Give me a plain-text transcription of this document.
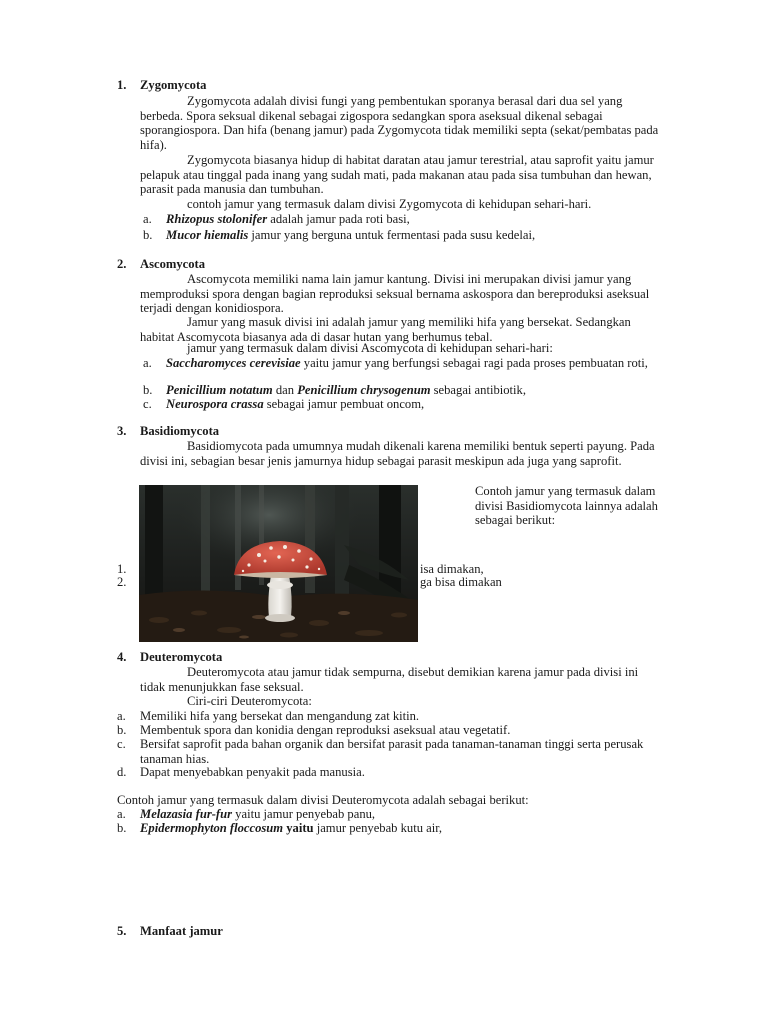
1. Zygomycota
Zygomycota adalah divisi fungi yang pembentukan sporanya berasal dari dua sel yang berbeda. Spora seksual dikenal sebagai zigospora sedangkan spora aseksual dikenal sebagai sporangiospora. Dan hifa (benang jamur) pada Zygomycota tidak memiliki septa (sekat/pembatas pada hifa).
Zygomycota biasanya hidup di habitat daratan atau jamur terestrial, atau saprofit yaitu jamur pelapuk atau tinggal pada inang yang sudah mati, pada makanan atau pada sisa tumbuhan dan hewan, parasit pada manusia dan tumbuhan.
contoh jamur yang termasuk dalam divisi Zygomycota di kehidupan sehari-hari.
a. Rhizopus stolonifer adalah jamur pada roti basi,
b. Mucor hiemalis jamur yang berguna untuk fermentasi pada susu kedelai,
2. Ascomycota
Ascomycota memiliki nama lain jamur kantung. Divisi ini merupakan divisi jamur yang memproduksi spora dengan bagian reproduksi seksual bernama askospora dan bereproduksi aseksual terjadi dengan konidiospora.
Jamur yang masuk divisi ini adalah jamur yang memiliki hifa yang bersekat. Sedangkan habitat Ascomycota biasanya ada di dasar hutan yang berhumus tebal.
jamur yang termasuk dalam divisi Ascomycota di kehidupan sehari-hari:
a. Saccharomyces cerevisiae yaitu jamur yang berfungsi sebagai ragi pada proses pembuatan roti,
b. Penicillium notatum dan Penicillium chrysogenum sebagai antibiotik,
c. Neurospora crassa sebagai jamur pembuat oncom,
3. Basidiomycota
Basidiomycota pada umumnya mudah dikenali karena memiliki bentuk seperti payung. Pada divisi ini, sebagian besar jenis jamurnya hidup sebagai parasit meskipun ada juga yang saprofit.
1.	isa dimakan,
2.	ga bisa dimakan
Contoh jamur yang termasuk dalam divisi Basidiomycota lainnya adalah sebagai berikut:
4. Deuteromycota
Deuteromycota atau jamur tidak sempurna, disebut demikian karena jamur pada divisi ini tidak menunjukkan fase seksual.
Ciri-ciri Deuteromycota:
a. Memiliki hifa yang bersekat dan mengandung zat kitin.
b. Membentuk spora dan konidia dengan reproduksi aseksual atau vegetatif.
c. Bersifat saprofit pada bahan organik dan bersifat parasit pada tanaman-tanaman tinggi serta perusak tanaman hias.
d. Dapat menyebabkan penyakit pada manusia.
Contoh jamur yang termasuk dalam divisi Deuteromycota adalah sebagai berikut:
a. Melazasia fur-fur yaitu jamur penyebab panu,
b. Epidermophyton floccosum yaitu jamur penyebab kutu air,
5. Manfaat jamur
